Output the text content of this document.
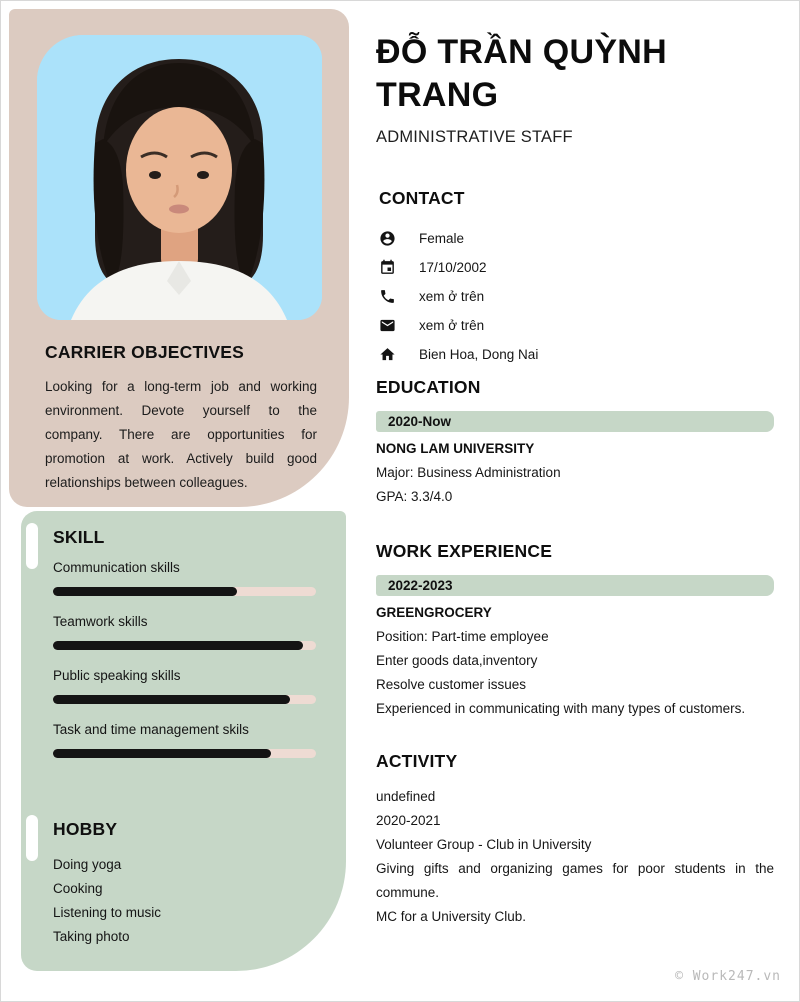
CARRIER OBJECTIVES
Looking for a long-term job and working environment. Devote yourself to the company. There are opportunities for promotion at work. Actively build good relationships between colleagues.
SKILL
Communication skills
Teamwork skills
Public speaking skills
Task and time management skils
HOBBY
Doing yoga
Cooking
Listening to music
Taking photo
ĐỖ TRẦN QUỲNH TRANG
ADMINISTRATIVE STAFF
CONTACT
Female
17/10/2002
xem ở trên
xem ở trên
Bien Hoa, Dong Nai
EDUCATION
2020-Now
NONG LAM UNIVERSITY
Major: Business Administration
GPA: 3.3/4.0
WORK EXPERIENCE
2022-2023
GREENGROCERY
Position: Part-time employee
Enter goods data,inventory
Resolve customer issues
Experienced in communicating with many types of customers.
ACTIVITY
undefined
2020-2021
Volunteer Group - Club in University
Giving gifts and organizing games for poor students in the commune.
MC for a University Club.
© Work247.vn
